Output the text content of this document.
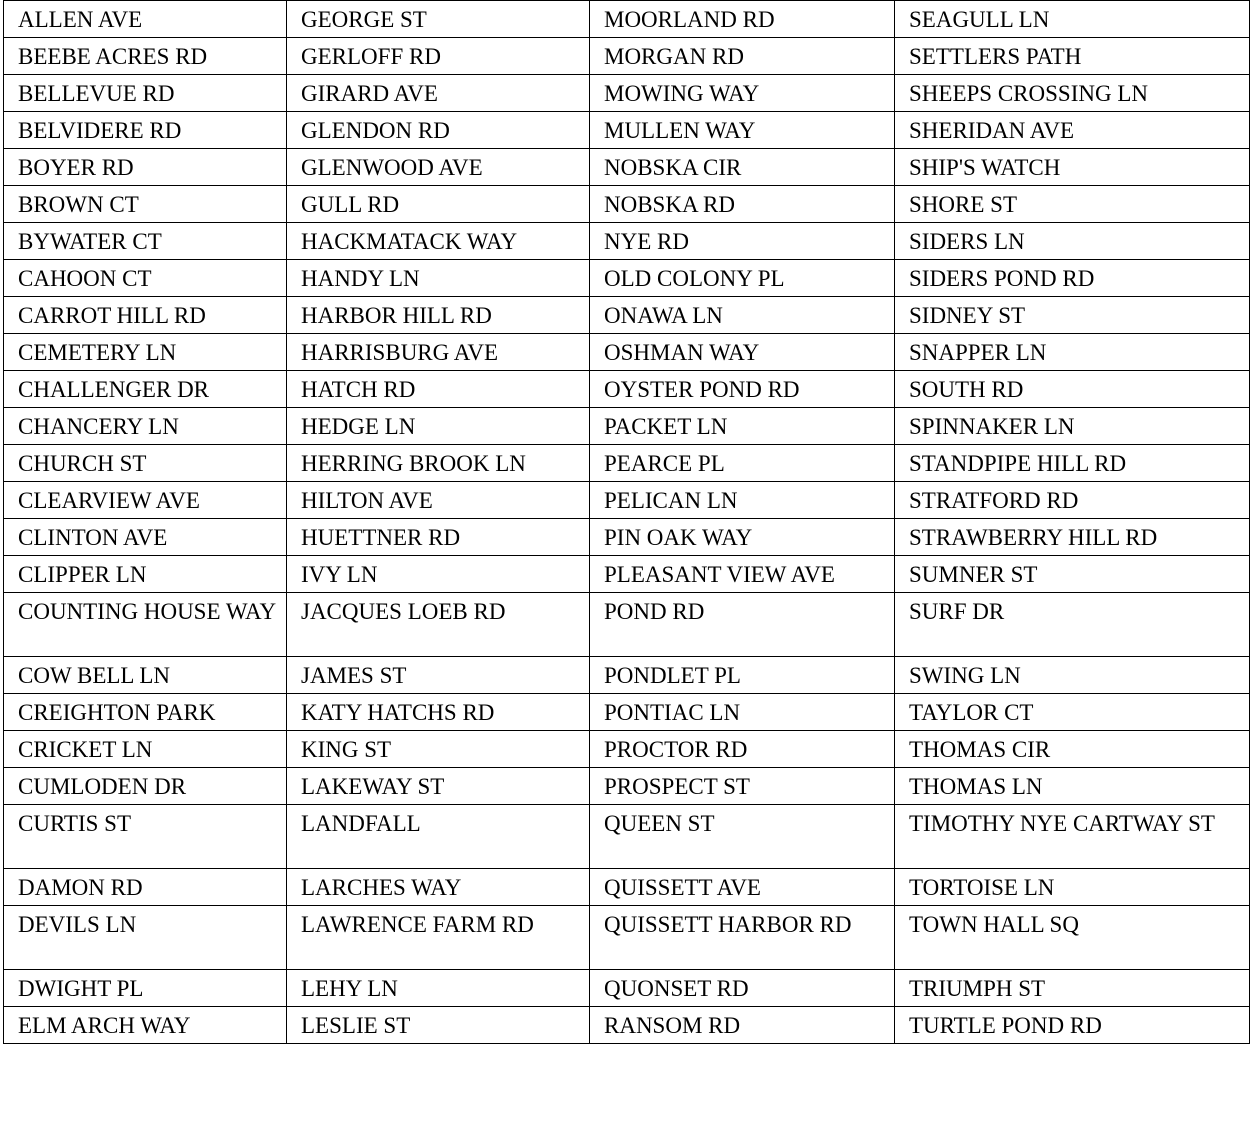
ALLEN AVE	GEORGE ST	MOORLAND RD	SEAGULL LN
BEEBE ACRES RD	GERLOFF RD	MORGAN RD	SETTLERS PATH
BELLEVUE RD	GIRARD AVE	MOWING WAY	SHEEPS CROSSING LN
BELVIDERE RD	GLENDON RD	MULLEN WAY	SHERIDAN AVE
BOYER RD	GLENWOOD AVE	NOBSKA CIR	SHIP'S WATCH
BROWN CT	GULL RD	NOBSKA RD	SHORE ST
BYWATER CT	HACKMATACK WAY	NYE RD	SIDERS LN
CAHOON CT	HANDY LN	OLD COLONY PL	SIDERS POND RD
CARROT HILL RD	HARBOR HILL RD	ONAWA LN	SIDNEY ST
CEMETERY LN	HARRISBURG AVE	OSHMAN WAY	SNAPPER LN
CHALLENGER DR	HATCH RD	OYSTER POND RD	SOUTH RD
CHANCERY LN	HEDGE LN	PACKET LN	SPINNAKER LN
CHURCH ST	HERRING BROOK LN	PEARCE PL	STANDPIPE HILL RD
CLEARVIEW AVE	HILTON AVE	PELICAN LN	STRATFORD RD
CLINTON AVE	HUETTNER RD	PIN OAK WAY	STRAWBERRY HILL RD
CLIPPER LN	IVY LN	PLEASANT VIEW AVE	SUMNER ST
COUNTING HOUSE WAY	JACQUES LOEB RD	POND RD	SURF DR
COW BELL LN	JAMES ST	PONDLET PL	SWING LN
CREIGHTON PARK	KATY HATCHS RD	PONTIAC LN	TAYLOR CT
CRICKET LN	KING ST	PROCTOR RD	THOMAS CIR
CUMLODEN DR	LAKEWAY ST	PROSPECT ST	THOMAS LN
CURTIS ST	LANDFALL	QUEEN ST	TIMOTHY NYE CARTWAY ST
DAMON RD	LARCHES WAY	QUISSETT AVE	TORTOISE LN
DEVILS LN	LAWRENCE FARM RD	QUISSETT HARBOR RD	TOWN HALL SQ
DWIGHT PL	LEHY LN	QUONSET RD	TRIUMPH ST
ELM ARCH WAY	LESLIE ST	RANSOM RD	TURTLE POND RD
